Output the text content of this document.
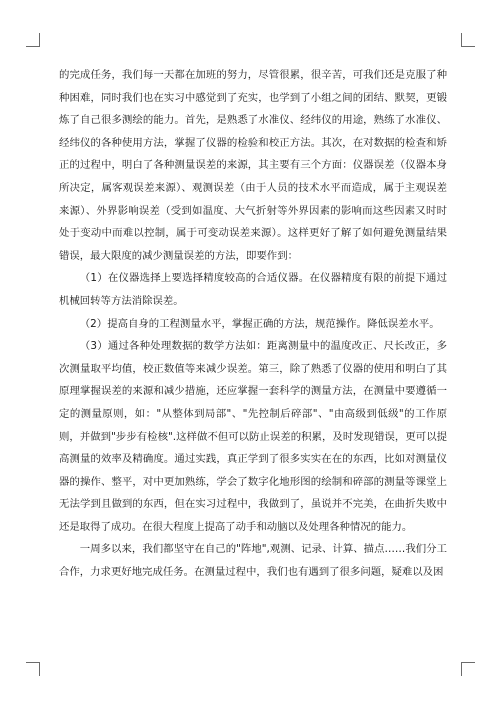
的完成任务，我们每一天都在加班的努力，尽管很累，很辛苦，可我们还是克服了种种困难，同时我们也在实习中感觉到了充实，也学到了小组之间的团结、默契，更锻炼了自己很多测绘的能力。首先，是熟悉了水准仪、经纬仪的用途，熟练了水准仪、经纬仪的各种使用方法，掌握了仪器的检验和校正方法。其次，在对数据的检查和矫正的过程中，明白了各种测量误差的来源，其主要有三个方面：仪器误差（仪器本身所决定，属客观误差来源）、观测误差（由于人员的技术水平而造成，属于主观误差来源）、外界影响误差（受到如温度、大气折射等外界因素的影响而这些因素又时时处于变动中而难以控制，属于可变动误差来源）。这样更好了解了如何避免测量结果错误，最大限度的减少测量误差的方法，即要作到：

（1）在仪器选择上要选择精度较高的合适仪器。在仪器精度有限的前提下通过机械回转等方法消除误差。

（2）提高自身的工程测量水平，掌握正确的方法，规范操作。降低误差水平。

（3）通过各种处理数据的数学方法如：距离测量中的温度改正、尺长改正，多次测量取平均值，校正数值等来减少误差。第三，除了熟悉了仪器的使用和明白了其原理掌握误差的来源和减少措施，还应掌握一套科学的测量方法，在测量中要遵循一定的测量原则，如："从整体到局部"、"先控制后碎部"、"由高级到低级"的工作原则，并做到"步步有检核".这样做不但可以防止误差的积累，及时发现错误，更可以提高测量的效率及精确度。通过实践，真正学到了很多实实在在的东西，比如对测量仪器的操作、整平，对中更加熟练，学会了数字化地形图的绘制和碎部的测量等课堂上无法学到且做到的东西，但在实习过程中，我做到了，虽说并不完美，在曲折失败中还是取得了成功。在很大程度上提高了动手和动脑以及处理各种情况的能力。

一周多以来，我们都坚守在自己的"阵地",观测、记录、计算、描点……我们分工合作，力求更好地完成任务。在测量过程中，我们也有遇到了很多问题，疑难以及困
